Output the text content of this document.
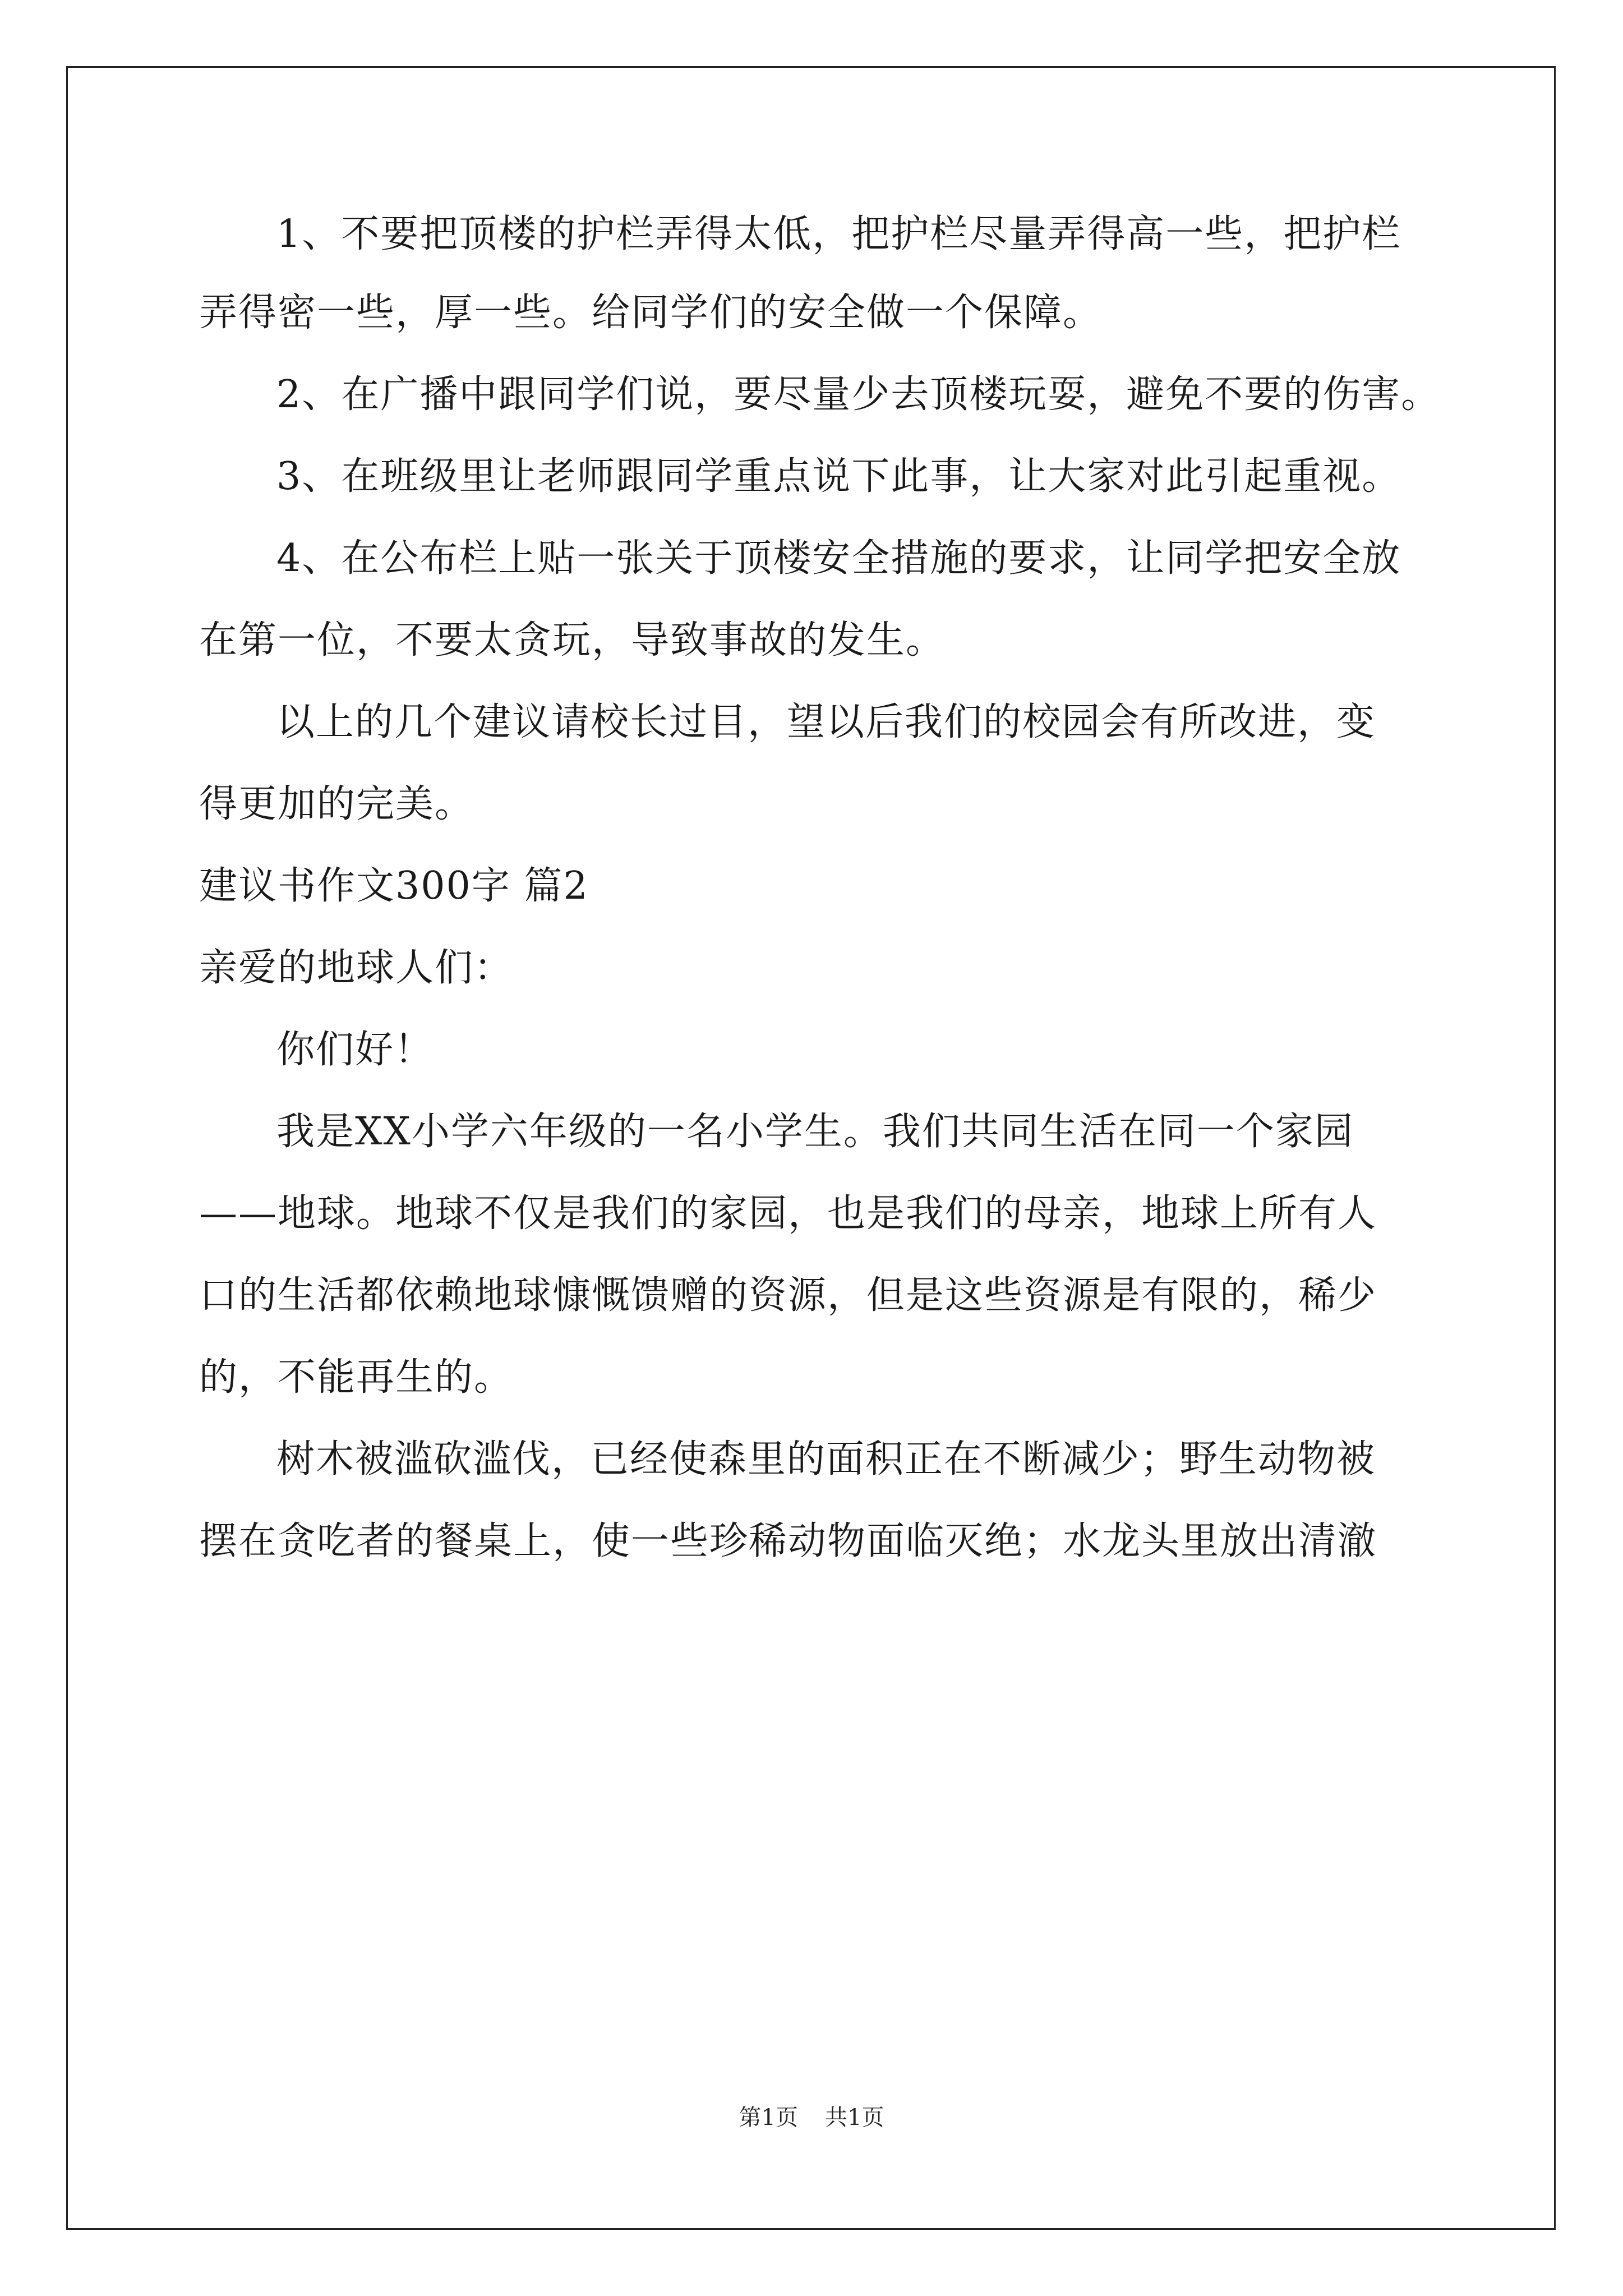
1、不要把顶楼的护栏弄得太低，把护栏尽量弄得高一些，把护栏
弄得密一些，厚一些。给同学们的安全做一个保障。
2、在广播中跟同学们说，要尽量少去顶楼玩耍，避免不要的伤害。
3、在班级里让老师跟同学重点说下此事，让大家对此引起重视。
4、在公布栏上贴一张关于顶楼安全措施的要求，让同学把安全放
在第一位，不要太贪玩，导致事故的发生。
以上的几个建议请校长过目，望以后我们的校园会有所改进，变
得更加的完美。
建议书作文300字 篇2
亲爱的地球人们：
你们好！
我是XX小学六年级的一名小学生。我们共同生活在同一个家园
——地球。地球不仅是我们的家园，也是我们的母亲，地球上所有人
口的生活都依赖地球慷慨馈赠的资源，但是这些资源是有限的，稀少
的，不能再生的。
树木被滥砍滥伐，已经使森里的面积正在不断减少；野生动物被
摆在贪吃者的餐桌上，使一些珍稀动物面临灭绝；水龙头里放出清澈
第1页 共1页
